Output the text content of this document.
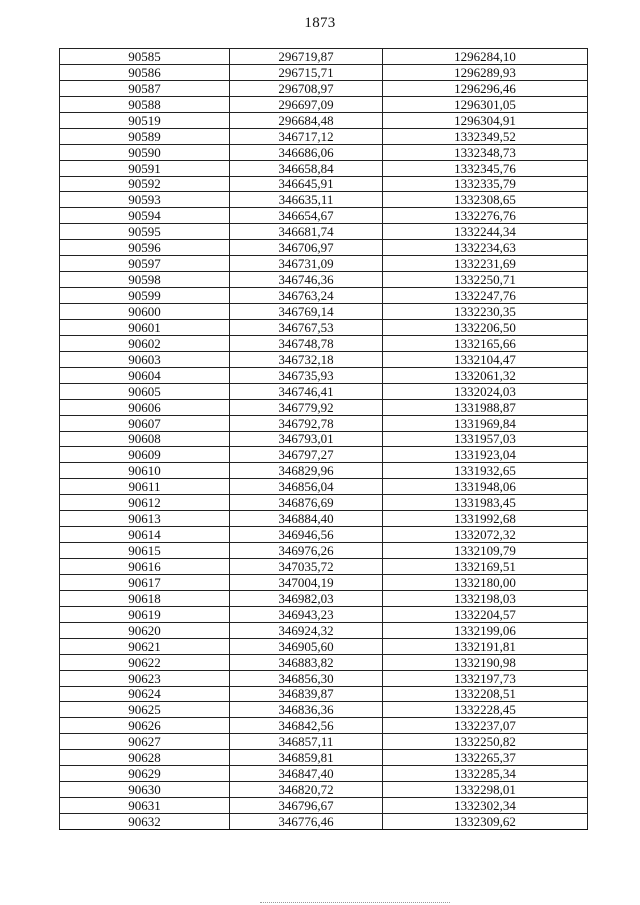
1873
90585	296719,87	1296284,10
90586	296715,71	1296289,93
90587	296708,97	1296296,46
90588	296697,09	1296301,05
90519	296684,48	1296304,91
90589	346717,12	1332349,52
90590	346686,06	1332348,73
90591	346658,84	1332345,76
90592	346645,91	1332335,79
90593	346635,11	1332308,65
90594	346654,67	1332276,76
90595	346681,74	1332244,34
90596	346706,97	1332234,63
90597	346731,09	1332231,69
90598	346746,36	1332250,71
90599	346763,24	1332247,76
90600	346769,14	1332230,35
90601	346767,53	1332206,50
90602	346748,78	1332165,66
90603	346732,18	1332104,47
90604	346735,93	1332061,32
90605	346746,41	1332024,03
90606	346779,92	1331988,87
90607	346792,78	1331969,84
90608	346793,01	1331957,03
90609	346797,27	1331923,04
90610	346829,96	1331932,65
90611	346856,04	1331948,06
90612	346876,69	1331983,45
90613	346884,40	1331992,68
90614	346946,56	1332072,32
90615	346976,26	1332109,79
90616	347035,72	1332169,51
90617	347004,19	1332180,00
90618	346982,03	1332198,03
90619	346943,23	1332204,57
90620	346924,32	1332199,06
90621	346905,60	1332191,81
90622	346883,82	1332190,98
90623	346856,30	1332197,73
90624	346839,87	1332208,51
90625	346836,36	1332228,45
90626	346842,56	1332237,07
90627	346857,11	1332250,82
90628	346859,81	1332265,37
90629	346847,40	1332285,34
90630	346820,72	1332298,01
90631	346796,67	1332302,34
90632	346776,46	1332309,62
